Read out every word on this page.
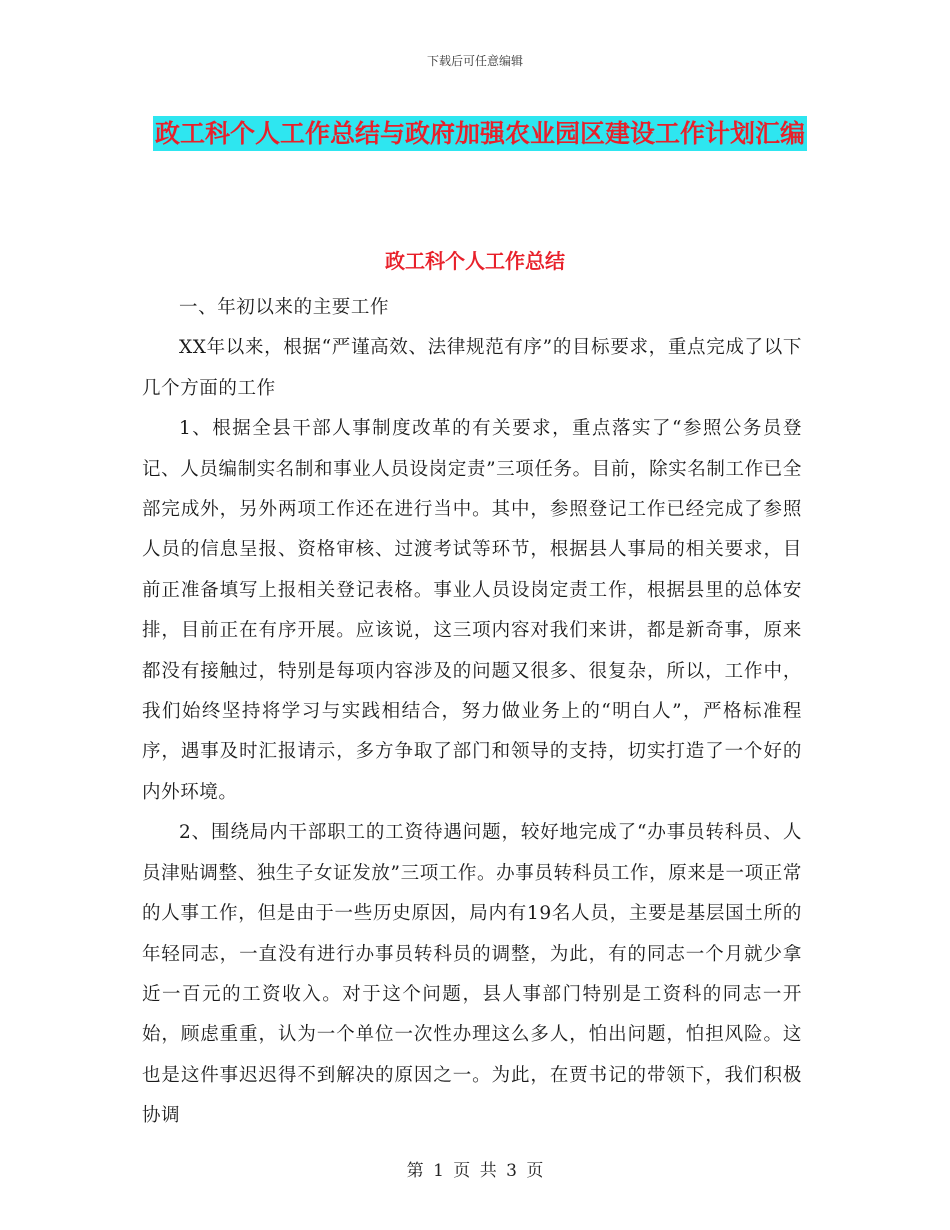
下载后可任意编辑
政工科个人工作总结与政府加强农业园区建设工作计划汇编
政工科个人工作总结

一、年初以来的主要工作

XX年以来，根据“严谨高效、法律规范有序”的目标要求，重点完成了以下几个方面的工作

1、根据全县干部人事制度改革的有关要求，重点落实了“参照公务员登记、人员编制实名制和事业人员设岗定责”三项任务。目前，除实名制工作已全部完成外，另外两项工作还在进行当中。其中，参照登记工作已经完成了参照人员的信息呈报、资格审核、过渡考试等环节，根据县人事局的相关要求，目前正准备填写上报相关登记表格。事业人员设岗定责工作，根据县里的总体安排，目前正在有序开展。应该说，这三项内容对我们来讲，都是新奇事，原来都没有接触过，特别是每项内容涉及的问题又很多、很复杂，所以，工作中，我们始终坚持将学习与实践相结合，努力做业务上的“明白人”，严格标准程序，遇事及时汇报请示，多方争取了部门和领导的支持，切实打造了一个好的内外环境。

2、围绕局内干部职工的工资待遇问题，较好地完成了“办事员转科员、人员津贴调整、独生子女证发放”三项工作。办事员转科员工作，原来是一项正常的人事工作，但是由于一些历史原因，局内有19名人员，主要是基层国土所的年轻同志，一直没有进行办事员转科员的调整，为此，有的同志一个月就少拿近一百元的工资收入。对于这个问题，县人事部门特别是工资科的同志一开始，顾虑重重，认为一个单位一次性办理这么多人，怕出问题，怕担风险。这也是这件事迟迟得不到解决的原因之一。为此，在贾书记的带领下，我们积极协调

第 1 页 共 3 页
